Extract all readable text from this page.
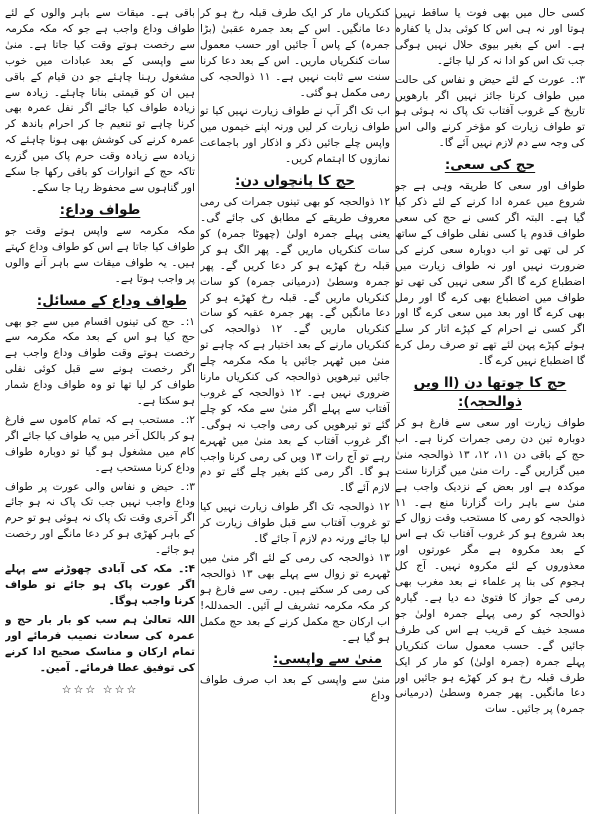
کسی حال میں بھی فوت یا ساقط نہیں ہوتا اور نہ ہی اس کا کوئی بدل یا کفارہ ہے۔ اس کے بغیر بیوی حلال نہیں ہوگی جب تک اس کو ادا نہ کر لیا جائے۔

۳:۔ عورت کے لئے حیض و نفاس کی حالت میں طواف کرنا جائز نہیں اگر بارھویں تاریخ کے غروب آفتاب تک پاک نہ ہوئی ہو تو طواف زیارت کو مؤخر کرنے والی اس کی وجہ سے دم لازم نہیں آئے گا۔

حج کی سعی:

طواف اور سعی کا طریقہ وہی ہے جو شروع میں عمرہ ادا کرنے کے لئے ذکر کیا گیا ہے۔ البتہ اگر کسی نے حج کی سعی طواف قدوم یا کسی نفلی طواف کے ساتھ کر لی تھی تو اب دوبارہ سعی کرنے کی ضرورت نہیں اور نہ طواف زیارت میں اضطباع کرے گا اگر سعی نہیں کی تھی تو طواف میں اضطباع بھی کرے گا اور رمل بھی کرے گا اور بعد میں سعی کرے گا اور اگر کسی نے احرام کے کپڑے اتار کر سلے ہوئے کپڑے پہن لئے تھے تو صرف رمل کرے گا اضطباع نہیں کرے گا۔

حج کا چوتھا دن (اا ویں ذوالحجہ):

طواف زیارت اور سعی سے فارغ ہو کر دوبارہ تین دن رمی جمرات کرنا ہے۔ اب حج کے باقی دن ۱۱، ۱۲، ۱۳ ذوالحجہ منیٰ میں گزاریں گے۔ رات منیٰ میں گزارنا سنت موکدہ ہے اور بعض کے نزدیک واجب ہے منیٰ سے باہر رات گزارنا منع ہے۔ ۱۱ ذوالحجہ کو رمی کا مستحب وقت زوال کے بعد شروع ہو کر غروب آفتاب تک ہے اس کے بعد مکروہ ہے مگر عورتوں اور معذوروں کے لئے مکروہ نہیں۔ آج کل ہجوم کی بنا پر علماء نے بعد مغرب بھی رمی کے جواز کا فتویٰ دے دیا ہے۔ گیارہ ذوالحجہ کو رمی پہلے جمرہ اولیٰ جو مسجد خیف کے قریب ہے اس کی طرف جائیں گے۔ حسب معمول سات کنکریاں پہلے جمرہ (جمرہ اولیٰ) کو مار کر ایک طرف قبلہ رخ ہو کر کھڑے ہو جائیں اور دعا مانگیں۔ پھر جمرہ وسطیٰ (درمیانی جمرہ) پر جائیں۔ سات

کنکریاں مار کر ایک طرف قبلہ رخ ہو کر دعا مانگیں۔ اس کے بعد جمرہ عقبیٰ (بڑا جمرہ) کے پاس آ جائیں اور حسب معمول سات کنکریاں ماریں۔ اس کے بعد دعا کرنا سنت سے ثابت نہیں ہے۔ ۱۱ ذوالحجہ کی رمی مکمل ہو گئی۔

اب تک اگر آپ نے طواف زیارت نہیں کیا تو طواف زیارت کر لیں ورنہ اپنے خیموں میں واپس چلے جائیں ذکر و اذکار اور باجماعت نمازوں کا اہتمام کریں۔

حج کا پانچواں دن:

۱۲ ذوالحجہ کو بھی تینوں جمرات کی رمی معروف طریقے کے مطابق کی جائے گی۔ یعنی پہلے جمرہ اولیٰ (چھوٹا جمرہ) کو سات کنکریاں ماریں گے۔ پھر الگ ہو کر قبلہ رخ کھڑے ہو کر دعا کریں گے۔ پھر جمرہ وسطیٰ (درمیانی جمرہ) کو سات کنکریاں ماریں گے۔ قبلہ رخ کھڑے ہو کر دعا مانگیں گے۔ پھر جمرہ عقبہ کو سات کنکریاں ماریں گے۔ ۱۲ ذوالحجہ کی کنکریاں مارنے کے بعد اختیار ہے کہ چاہے تو منیٰ میں ٹھہر جائیں یا مکہ مکرمہ چلے جائیں تیرھویں ذوالحجہ کی کنکریاں مارنا ضروری نہیں ہے۔ ۱۲ ذوالحجہ کے غروب آفتاب سے پہلے اگر منیٰ سے مکہ کو چلے گئے تو تیرھویں کی رمی واجب نہ ہوگی۔ اگر غروب آفتاب کے بعد منیٰ میں ٹھہرے رہے تو آج رات ۱۳ ویں کی رمی کرنا واجب ہو گا۔ اگر رمی کئے بغیر چلے گئے تو دم لازم آئے گا۔

۱۲ ذوالحجہ تک اگر طواف زیارت نہیں کیا تو غروب آفتاب سے قبل طواف زیارت کر لیا جائے ورنہ دم لازم آ جائے گا۔

۱۳ ذوالحجہ کی رمی کے لئے اگر منیٰ میں ٹھہرے تو زوال سے پہلے بھی ۱۳ ذوالحجہ کی رمی کر سکتے ہیں۔ رمی سے فارغ ہو کر مکہ مکرمہ تشریف لے آئیں۔ الحمدللہ! اب ارکان حج مکمل کرنے کے بعد حج مکمل ہو گیا ہے۔

منیٰ سے واپسی:

منیٰ سے واپسی کے بعد اب صرف طواف وداع

باقی ہے۔ میقات سے باہر والوں کے لئے طواف وداع واجب ہے جو کہ مکہ مکرمہ سے رخصت ہوتے وقت کیا جاتا ہے۔ منیٰ سے واپسی کے بعد عبادات میں خوب مشغول رہنا چاہئے جو دن قیام کے باقی ہیں ان کو قیمتی بنانا چاہئے۔ زیادہ سے زیادہ طواف کیا جائے اگر نفل عمرہ بھی کرنا چاہے تو تنعیم جا کر احرام باندھ کر عمرہ کرنے کی کوشش بھی ہونا چاہئے کہ زیادہ سے زیادہ وقت حرم پاک میں گزرے تاکہ حج کے انوارات کو باقی رکھا جا سکے اور گناہوں سے محفوظ رہا جا سکے۔

طواف وداع:

مکہ مکرمہ سے واپس ہوتے وقت جو طواف کیا جاتا ہے اس کو طواف وداع کہتے ہیں۔ یہ طواف میقات سے باہر آنے والوں پر واجب ہوتا ہے۔

طواف وداع کے مسائل:

۱:۔ حج کی تینوں اقسام میں سے جو بھی حج کیا ہو اس کے بعد مکہ مکرمہ سے رخصت ہوتے وقت طواف وداع واجب ہے اگر رخصت ہونے سے قبل کوئی نفلی طواف کر لیا تھا تو وہ طواف وداع شمار ہو سکتا ہے۔

۲:۔ مستحب ہے کہ تمام کاموں سے فارغ ہو کر بالکل آخر میں یہ طواف کیا جائے اگر کام میں مشغول ہو گیا تو دوبارہ طواف وداع کرنا مستحب ہے۔

۳:۔ حیض و نفاس والی عورت پر طواف وداع واجب نہیں جب تک پاک نہ ہو جائے اگر آخری وقت تک پاک نہ ہوئی ہو تو حرم کے باہر کھڑی ہو کر دعا مانگے اور رخصت ہو جائے۔

۴:۔ مکہ کی آبادی چھوڑنے سے پہلے اگر عورت پاک ہو جائے تو طواف کرنا واجب ہوگا۔

اللہ تعالیٰ ہم سب کو بار بار حج و عمرہ کی سعادت نصیب فرمائے اور تمام ارکان و مناسک صحیح ادا کرنے کی توفیق عطا فرمائے۔ آمین۔

☆☆☆ ☆☆☆
